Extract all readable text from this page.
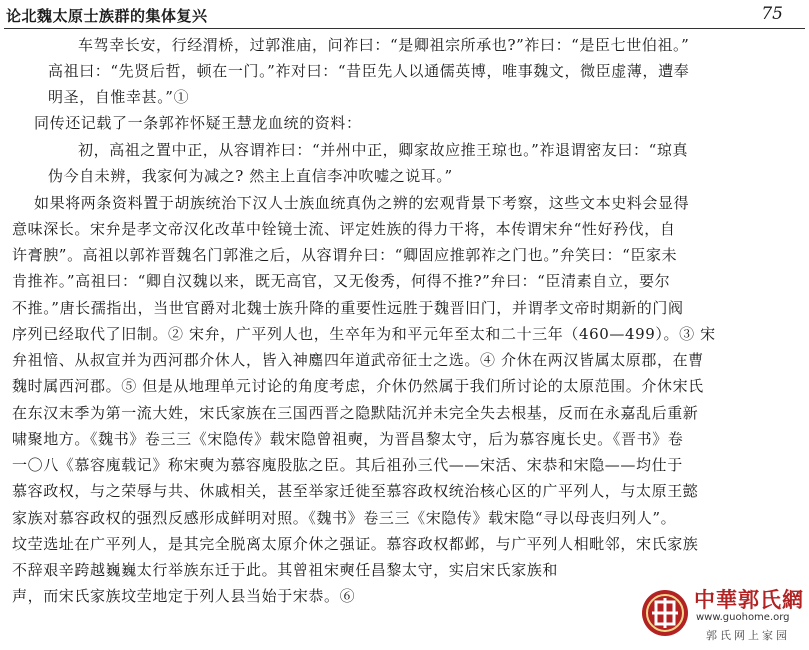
论北魏太原士族群的集体复兴	75
车驾幸长安，行经渭桥，过郭淮庙，问祚曰：“是卿祖宗所承也?”祚曰：“是臣七世伯祖。”
高祖曰：“先贤后哲，顿在一门。”祚对曰：“昔臣先人以通儒英博，唯事魏文，微臣虚薄，遭奉
明圣，自惟幸甚。”①
同传还记载了一条郭祚怀疑王慧龙血统的资料：
初，高祖之置中正，从容谓祚曰：“并州中正，卿家故应推王琼也。”祚退谓密友曰：“琼真
伪今自未辨，我家何为减之? 然主上直信李冲吹嘘之说耳。”
如果将两条资料置于胡族统治下汉人士族血统真伪之辨的宏观背景下考察，这些文本史料会显得
意味深长。宋弁是孝文帝汉化改革中铨镜士流、评定姓族的得力干将，本传谓宋弁“性好矜伐，自
许膏腴”。高祖以郭祚晋魏名门郭淮之后，从容谓弁曰：“卿固应推郭祚之门也。”弁笑曰：“臣家未
肯推祚。”高祖曰：“卿自汉魏以来，既无高官，又无俊秀，何得不推?”弁曰：“臣清素自立，要尔
不推。”唐长孺指出，当世官爵对北魏士族升降的重要性远胜于魏晋旧门，并谓孝文帝时期新的门阀
序列已经取代了旧制。② 宋弁，广平列人也，生卒年为和平元年至太和二十三年（460—499）。③ 宋
弁祖愔、从叔宣并为西河郡介休人，皆入神䴥四年道武帝征士之选。④ 介休在两汉皆属太原郡，在曹
魏时属西河郡。⑤ 但是从地理单元讨论的角度考虑，介休仍然属于我们所讨论的太原范围。介休宋氏
在东汉末季为第一流大姓，宋氏家族在三国西晋之隐默陆沉并未完全失去根基，反而在永嘉乱后重新
啸聚地方。《魏书》卷三三《宋隐传》载宋隐曾祖奭，为晋昌黎太守，后为慕容廆长史。《晋书》卷
一〇八《慕容廆载记》称宋奭为慕容廆股肱之臣。其后祖孙三代——宋活、宋恭和宋隐——均仕于
慕容政权，与之荣辱与共、休戚相关，甚至举家迁徙至慕容政权统治核心区的广平列人，与太原王懿
家族对慕容政权的强烈反感形成鲜明对照。《魏书》卷三三《宋隐传》载宋隐“寻以母丧归列人”。
坟茔选址在广平列人，是其完全脱离太原介休之强证。慕容政权都邺，与广平列人相毗邻，宋氏家族
不辞艰辛跨越巍巍太行举族东迁于此。其曾祖宋奭任昌黎太守，实启宋氏家族和
声，而宋氏家族坟茔地定于列人县当始于宋恭。⑥	中華郭氏網
www.guohome.org
郭氏网上家园
